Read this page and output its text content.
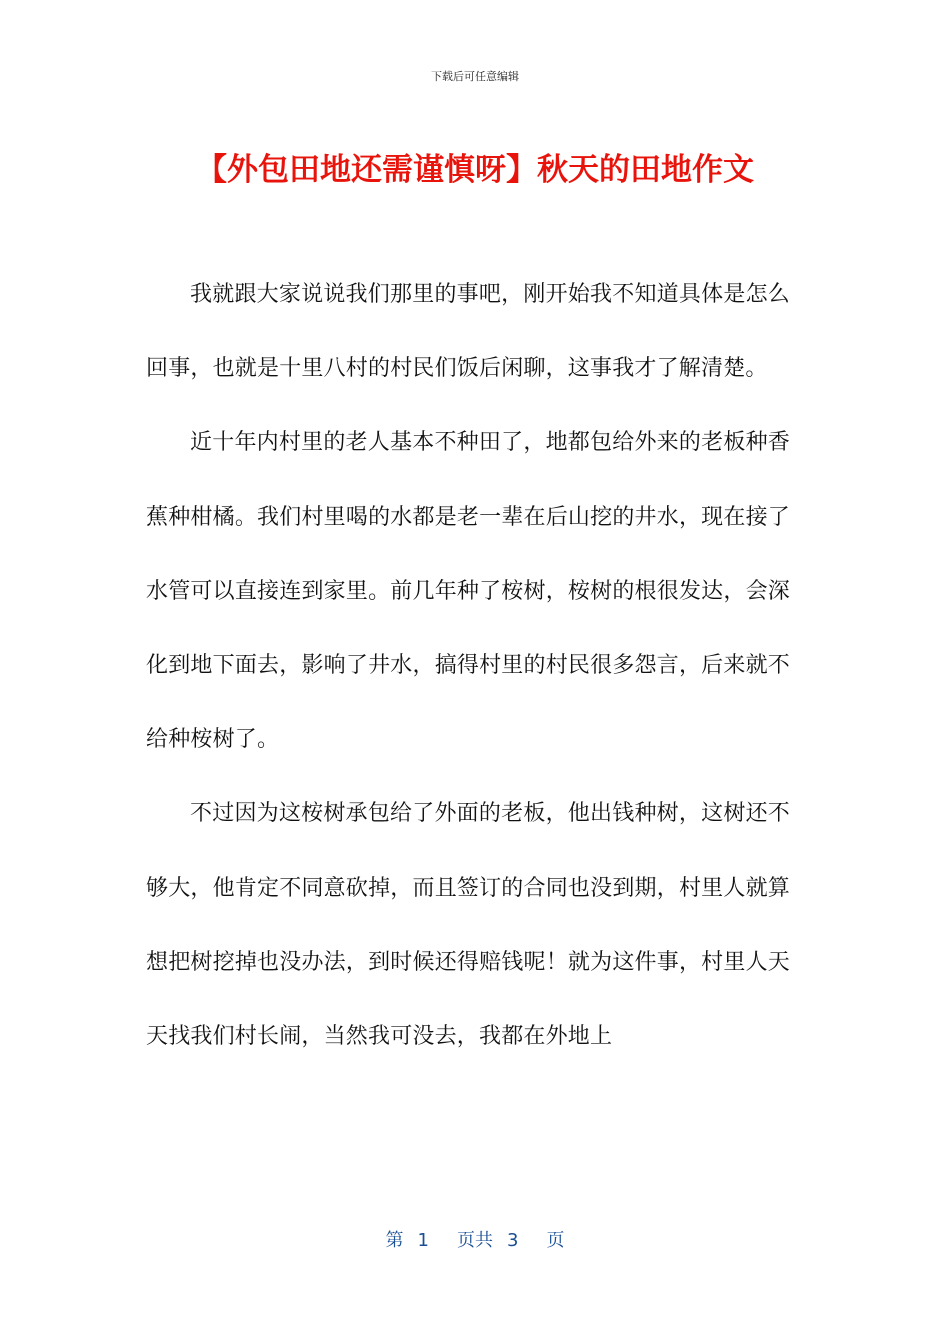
下载后可任意编辑
【外包田地还需谨慎呀】秋天的田地作文

我就跟大家说说我们那里的事吧，刚开始我不知道具体是怎么回事，也就是十里八村的村民们饭后闲聊，这事我才了解清楚。

近十年内村里的老人基本不种田了，地都包给外来的老板种香蕉种柑橘。我们村里喝的水都是老一辈在后山挖的井水，现在接了水管可以直接连到家里。前几年种了桉树，桉树的根很发达，会深化到地下面去，影响了井水，搞得村里的村民很多怨言，后来就不给种桉树了。

不过因为这桉树承包给了外面的老板，他出钱种树，这树还不够大，他肯定不同意砍掉，而且签订的合同也没到期，村里人就算想把树挖掉也没办法，到时候还得赔钱呢！就为这件事，村里人天天找我们村长闹，当然我可没去，我都在外地上

第 1 页共 3 页
